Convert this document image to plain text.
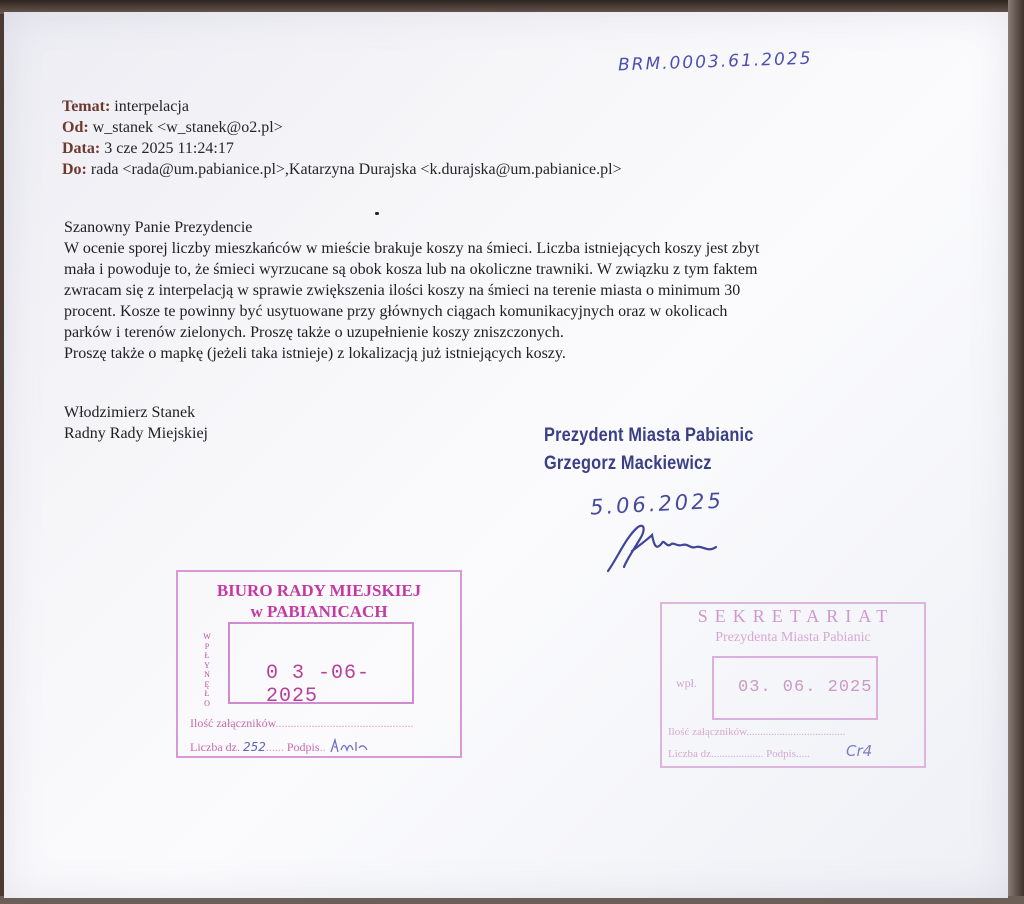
BRM.0003.61.2025
Temat: interpelacja
Od: w_stanek <w_stanek@o2.pl>
Data: 3 cze 2025 11:24:17
Do: rada <rada@um.pabianice.pl>,Katarzyna Durajska <k.durajska@um.pabianice.pl>
Szanowny Panie Prezydencie
W ocenie sporej liczby mieszkańców w mieście brakuje koszy na śmieci. Liczba istniejących koszy jest zbyt
mała i powoduje to, że śmieci wyrzucane są obok kosza lub na okoliczne trawniki. W związku z tym faktem
zwracam się z interpelacją w sprawie zwiększenia ilości koszy na śmieci na terenie miasta o minimum 30
procent. Kosze te powinny być usytuowane przy głównych ciągach komunikacyjnych oraz w okolicach
parków i terenów zielonych. Proszę także o uzupełnienie koszy zniszczonych.
Proszę także o mapkę (jeżeli taka istnieje) z lokalizacją już istniejących koszy.
Włodzimierz Stanek
Radny Rady Miejskiej	Prezydent Miasta Pabianic
Grzegorz Mackiewicz
5.06.2025
BIURO RADY MIEJSKIEJ
w PABIANICACH
W
P
Ł
Y
N
Ę
Ł
O
0 3 -06- 2025
Ilość załączników..............................................
Liczba dz. 252...... Podpis..
SEKRETARIAT
Prezydenta Miasta Pabianic
wpł. 03. 06. 2025
Ilość załączników....................................
Liczba dz................... Podpis..... Cr4
